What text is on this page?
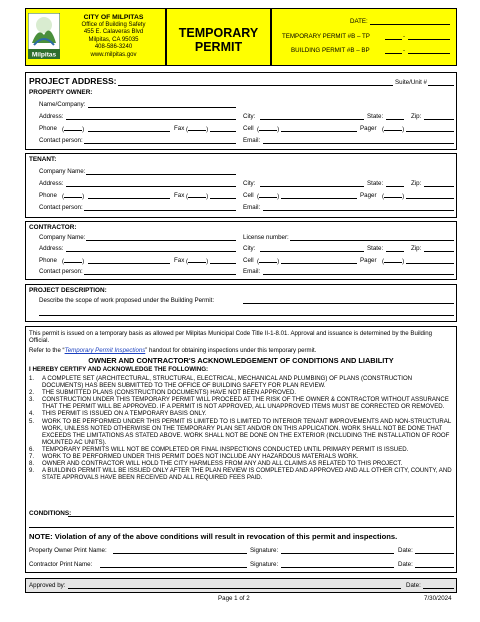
Milpitas
CITY OF MILPITAS
Office of Building Safety
455 E. Calaveras Blvd
Milpitas, CA 95035
408-586-3240
www.milpitas.gov
TEMPORARY
PERMIT
DATE:
TEMPORARY PERMIT #B – TP	-
BUILDING PERMIT #B – BP	-
PROJECT ADDRESS:	Suite/Unit #
PROPERTY OWNER:
Name/Company:
Address:	City:	State:	Zip:
Phone (	)	Fax (	)	Cell (	)	Pager (	)
Contact person:	Email:
TENANT:
Company Name:
Address:	City:	State:	Zip:
Phone (	)	Fax (	)	Cell (	)	Pager (	)
Contact person:	Email:
CONTRACTOR:
Company Name:	License number:
Address:	City:	State:	Zip:
Phone (	)	Fax (	)	Cell (	)	Pager (	)
Contact person:	Email:
PROJECT DESCRIPTION:
Describe the scope of work proposed under the Building Permit:
This permit is issued on a temporary basis as allowed per Milpitas Municipal Code Title II-1-8.01. Approval and issuance is determined by the Building Official.
Refer to the “Temporary Permit Inspections” handout for obtaining inspections under this temporary permit.
OWNER AND CONTRACTOR'S ACKNOWLEDGEMENT OF CONDITIONS AND LIABILITY
I HEREBY CERTIFY AND ACKNOWLEDGE THE FOLLOWING:
1. A COMPLETE SET (ARCHITECTURAL, STRUCTURAL, ELECTRICAL, MECHANICAL AND PLUMBING) OF PLANS (CONSTRUCTION DOCUMENTS) HAS BEEN SUBMITTED TO THE OFFICE OF BUILDING SAFETY FOR PLAN REVIEW.
2. THE SUBMITTED PLANS (CONSTRUCTION DOCUMENTS) HAVE NOT BEEN APPROVED.
3. CONSTRUCTION UNDER THIS TEMPORARY PERMIT WILL PROCEED AT THE RISK OF THE OWNER & CONTRACTOR WITHOUT ASSURANCE THAT THE PERMIT WILL BE APPROVED. IF A PERMIT IS NOT APPROVED, ALL UNAPPROVED ITEMS MUST BE CORRECTED OR REMOVED.
4. THIS PERMIT IS ISSUED ON A TEMPORARY BASIS ONLY.
5. WORK TO BE PERFORMED UNDER THIS PERMIT IS LIMITED TO IS LIMITED TO INTERIOR TENANT IMPROVEMENTS AND NON-STRUCTURAL WORK, UNLESS NOTED OTHERWISE ON THE TEMPORARY PLAN SET AND/OR ON THIS APPLICATION. WORK SHALL NOT BE DONE THAT EXCEEDS THE LIMITATIONS AS STATED ABOVE. WORK SHALL NOT BE DONE ON THE EXTERIOR (INCLUDING THE INSTALLATION OF ROOF MOUNTED AC UNITS).
6. TEMPORARY PERMITS WILL NOT BE COMPLETED OR FINAL INSPECTIONS CONDUCTED UNTIL PRIMARY PERMIT IS ISSUED.
7. WORK TO BE PERFORMED UNDER THIS PERMIT DOES NOT INCLUDE ANY HAZARDOUS MATERIALS WORK.
8. OWNER AND CONTRACTOR WILL HOLD THE CITY HARMLESS FROM ANY AND ALL CLAIMS AS RELATED TO THIS PROJECT.
9. A BUILDING PERMIT WILL BE ISSUED ONLY AFTER THE PLAN REVIEW IS COMPLETED AND APPROVED AND ALL OTHER CITY, COUNTY, AND STATE APPROVALS HAVE BEEN RECEIVED AND ALL REQUIRED FEES PAID.
CONDITIONS:
NOTE: Violation of any of the above conditions will result in revocation of this permit and inspections.
Property Owner Print Name:	Signature:	Date:
Contractor Print Name:	Signature:	Date:
Approved by:	Date:
Page 1 of 2	7/30/2024
